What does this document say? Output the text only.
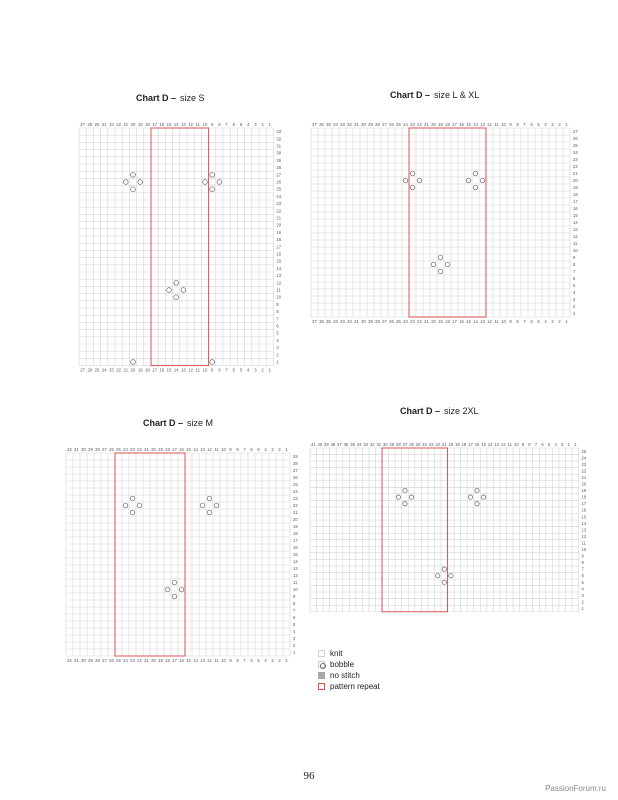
Chart D – size S
27
27
26
26
25
25
24
24
23
23
22
22
21
21
20
20
19
19
18
18
17
17
16
16
15
15
14
14
13
13
12
12
11
11
10
10
9
9
8
8
7
7
6
6
5
5
4
4
3
3
2
2
1
1
33
32
31
30
29
28
27
26
25
24
23
22
21
20
19
18
17
16
15
14
13
12
11
10
9
8
7
6
5
4
3
2
1
Chart D – size L & XL
37
37
36
36
35
35
34
34
33
33
32
32
31
31
30
30
29
29
28
28
27
27
26
26
25
25
24
24
23
23
22
22
21
21
20
20
19
19
18
18
17
17
16
16
15
15
14
14
13
13
12
12
11
11
10
10
9
9
8
8
7
7
6
6
5
5
4
4
3
3
2
2
1
1
27
26
25
24
23
22
21
20
19
18
17
16
15
14
13
12
11
10
9
8
7
6
5
4
3
2
1
Chart D – size M
32
32
31
31
30
30
29
29
28
28
27
27
26
26
25
25
24
24
23
23
22
22
21
21
20
20
19
19
18
18
17
17
16
16
15
15
14
14
13
13
12
12
11
11
10
10
9
9
8
8
7
7
6
6
5
5
4
4
3
3
2
2
1
1
29
28
27
26
25
24
23
22
21
20
19
18
17
16
15
14
13
12
11
10
9
8
7
6
5
4
3
2
1
Chart D – size 2XL
41 40 39 38 37 36 35 34 33 32 31 30 29 28 27 26 25 24 23 22 21 20 19 18 17 16 15 14 13 12 11 10 9 8 7 6 5 4 3 2 1
25
24
23
22
21
20
19
18
17
16
15
14
13
12
11
10
9
8
7
6
5
4
3
2
1
knit
bobble
no stitch
pattern repeat
96
PassionForum.ru
